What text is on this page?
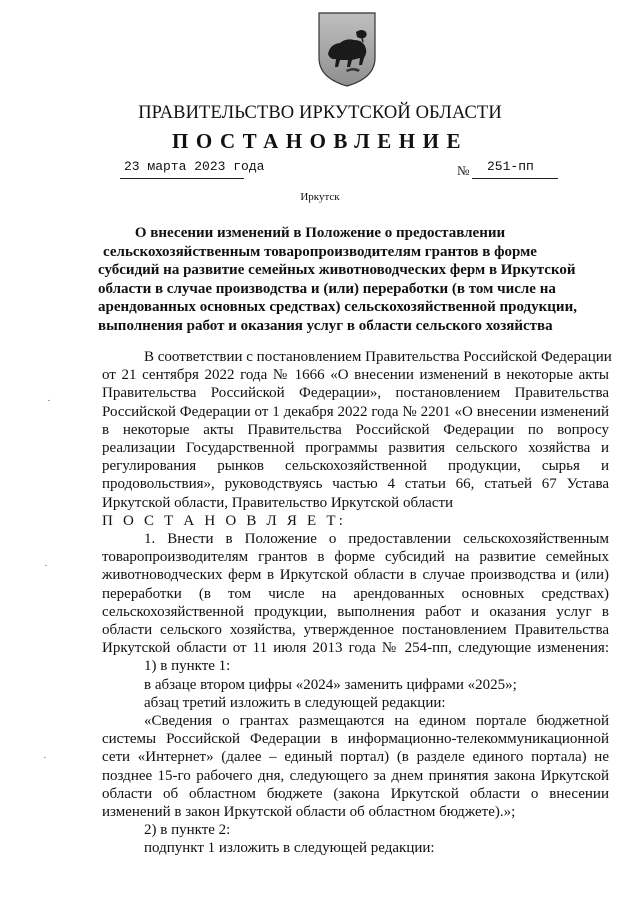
ПРАВИТЕЛЬСТВО ИРКУТСКОЙ ОБЛАСТИ
ПОСТАНОВЛЕНИЕ
23 марта 2023 года	№ 251-пп
Иркутск
О внесении изменений в Положение о предоставлении
сельскохозяйственным товаропроизводителям грантов в форме
субсидий на развитие семейных животноводческих ферм в Иркутской
области в случае производства и (или) переработки (в том числе на
арендованных основных средствах) сельскохозяйственной продукции,
выполнения работ и оказания услуг в области сельского хозяйства
В соответствии с постановлением Правительства Российской Федерации
от 21 сентября 2022 года № 1666 «О внесении изменений в некоторые акты
Правительства Российской Федерации», постановлением Правительства
Российской Федерации от 1 декабря 2022 года № 2201 «О внесении изменений
в некоторые акты Правительства Российской Федерации по вопросу
реализации Государственной программы развития сельского хозяйства и
регулирования рынков сельскохозяйственной продукции, сырья и
продовольствия», руководствуясь частью 4 статьи 66, статьей 67 Устава
Иркутской области, Правительство Иркутской области
П О С Т А Н О В Л Я Е Т:
1. Внести в Положение о предоставлении сельскохозяйственным
товаропроизводителям грантов в форме субсидий на развитие семейных
животноводческих ферм в Иркутской области в случае производства и (или)
переработки (в том числе на арендованных основных средствах)
сельскохозяйственной продукции, выполнения работ и оказания услуг в
области сельского хозяйства, утвержденное постановлением Правительства
Иркутской области от 11 июля 2013 года № 254-пп, следующие изменения:
1) в пункте 1:
в абзаце втором цифры «2024» заменить цифрами «2025»;
абзац третий изложить в следующей редакции:
«Сведения о грантах размещаются на едином портале бюджетной
системы Российской Федерации в информационно-телекоммуникационной
сети «Интернет» (далее – единый портал) (в разделе единого портала) не
позднее 15-го рабочего дня, следующего за днем принятия закона Иркутской
области об областном бюджете (закона Иркутской области о внесении
изменений в закон Иркутской области об областном бюджете).»;
2) в пункте 2:
подпункт 1 изложить в следующей редакции:
·
·
·
